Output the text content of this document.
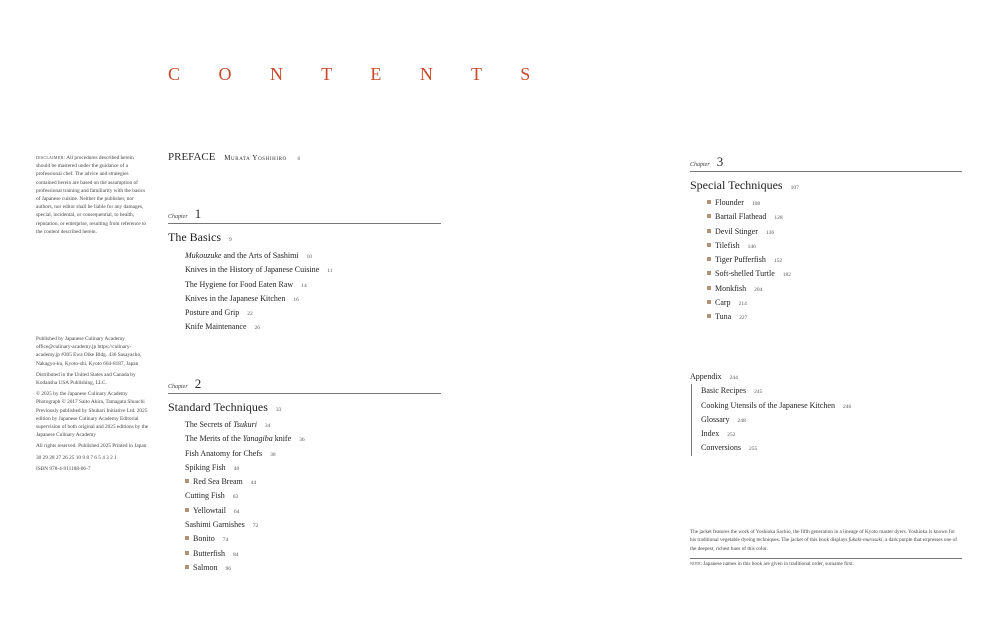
C O N T E N T S
disclaimer: All procedures described herein should be mastered under the guidance of a professional chef. The advice and strategies contained herein are based on the assumption of professional training and familiarity with the basics of Japanese cuisine. Neither the publisher, nor authors, nor editor shall be liable for any damages, special, incidental, or consequential, to health, reputation, or enterprise, resulting from reference to the content described herein.

Published by Japanese Culinary Academy office@culinary-academy.jp https://culinary-academy.jp #305 Ewa Oike Bldg. 436 Sasayacho, Nakagyo-ku, Kyoto-shi, Kyoto 604-8187, Japan

Distributed in the United States and Canada by Kodansha USA Publishing, LLC.

© 2025 by the Japanese Culinary Academy Photograph © 2017 Saito Akira, Tamagata Shuuchi Previously published by Shuhari Initiative Ltd. 2025 edition by Japanese Culinary Academy Editorial supervision of both original and 2025 editions by the Japanese Culinary Academy

All rights reserved. Published 2025 Printed in Japan

30 29 28 27 26 25 10 9 8 7 6 5 4 3 2 1

ISBN 978-4-911188-06-7

PREFACE Murata Yoshihiro 6
Chapter 1
The Basics 9
Mukouzuke and the Arts of Sashimi 10
Knives in the History of Japanese Cuisine 11
The Hygiene for Food Eaten Raw 14
Knives in the Japanese Kitchen 16
Posture and Grip 22
Knife Maintenance 26
Chapter 2
Standard Techniques 33
The Secrets of Tsukuri 34
The Merits of the Yanagiba knife 36
Fish Anatomy for Chefs 38
Spiking Fish 40
Red Sea Bream 44
Cutting Fish 63
Yellowtail 64
Sashimi Garnishes 72
Bonito 74
Butterfish 84
Salmon 96
Chapter 3
Special Techniques 107
Flounder 108
Bartail Flathead 128
Devil Stinger 136
Tilefish 146
Tiger Pufferfish 152
Soft-shelled Turtle 182
Monkfish 204
Carp 214
Tuna 227
Appendix 244
Basic Recipes 245
Cooking Utensils of the Japanese Kitchen 246
Glossary 248
Index 252
Conversions 255
The jacket features the work of Yoshioka Sachio, the fifth generation in a lineage of Kyoto master dyers. Yoshioka is known for his traditional vegetable dyeing techniques. The jacket of this book displays fukaki-murasaki, a dark purple that expresses one of the deepest, richest hues of this color.
note: Japanese names in this book are given in traditional order, surname first.
